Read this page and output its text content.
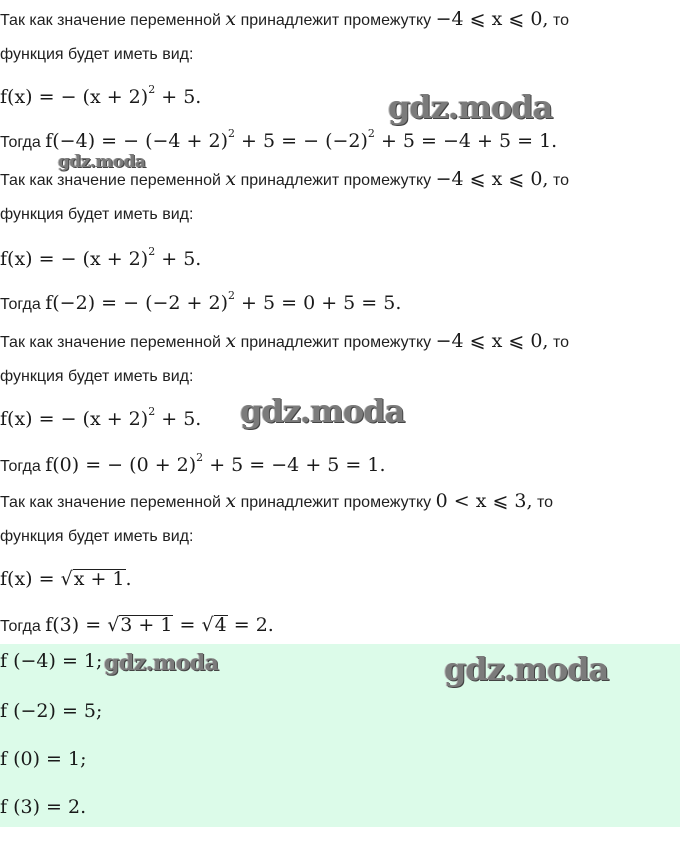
Так как значение переменной x принадлежит промежутку −4 ⩽ x ⩽ 0, то
функция будет иметь вид:
f(x) = − $(x + 2)^2 + 5$.
Тогда f(−4) = − $(-4 + 2)^2 + 5$ = − $(-2)^2 + 5 = -4 + 5 = 1$.
Так как значение переменной x принадлежит промежутку −4 ⩽ x ⩽ 0, то
функция будет иметь вид:
f(x) = − $(x + 2)^2 + 5$.
Тогда f(−2) = − $(-2 + 2)^2 + 5 = 0 + 5 = 5$.
Так как значение переменной x принадлежит промежутку −4 ⩽ x ⩽ 0, то
функция будет иметь вид:
f(x) = − $(x + 2)^2 + 5$.
Тогда f(0) = − $(0 + 2)^2 + 5 = -4 + 5 = 1$.
Так как значение переменной x принадлежит промежутку 0 < x ⩽ 3, то
функция будет иметь вид:
f(x) = √x + 1.
Тогда f(3) = √3 + 1 = √4 = 2.
f (−4) = 1;
f (−2) = 5;
f (0) = 1;
f (3) = 2.
gdz.moda
gdz.moda
gdz.moda
gdz.moda	gdz.moda
